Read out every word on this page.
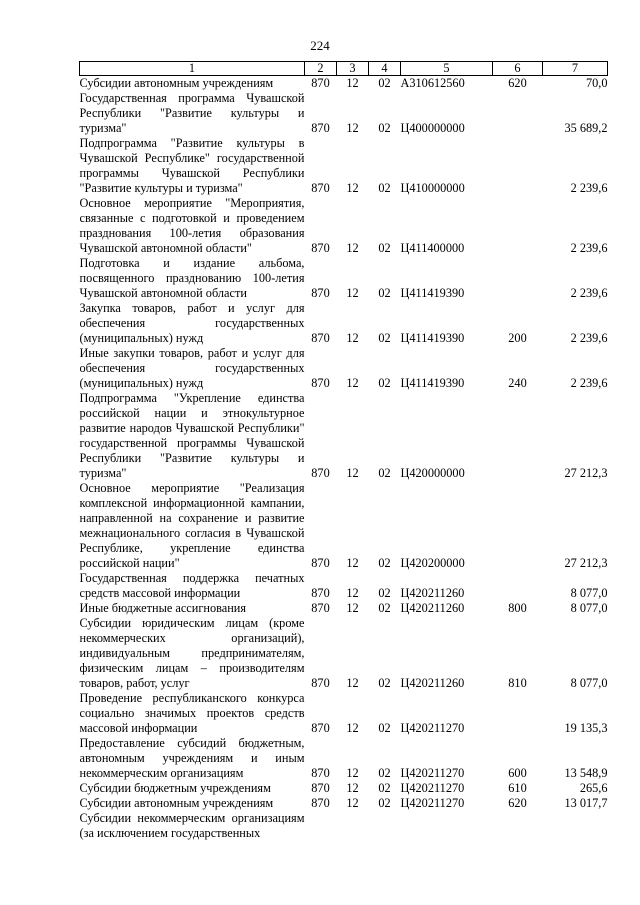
224
1	2	3	4	5	6	7
Субсидии автономным учреждениям	870	12	02	А310612560	620	70,0
Государственная программа Чувашской Республики "Развитие культуры и туризма"	870	12	02	Ц400000000		35 689,2
Подпрограмма "Развитие культуры в Чувашской Республике" государственной программы Чувашской Республики "Развитие культуры и туризма"	870	12	02	Ц410000000		2 239,6
Основное мероприятие "Мероприятия, связанные с подготовкой и проведением празднования 100-летия образования Чувашской автономной области"	870	12	02	Ц411400000		2 239,6
Подготовка и издание альбома, посвященного празднованию 100-летия Чувашской автономной области	870	12	02	Ц411419390		2 239,6
Закупка товаров, работ и услуг для обеспечения государственных (муниципальных) нужд	870	12	02	Ц411419390	200	2 239,6
Иные закупки товаров, работ и услуг для обеспечения государственных (муниципальных) нужд	870	12	02	Ц411419390	240	2 239,6
Подпрограмма "Укрепление единства российской нации и этнокультурное развитие народов Чувашской Республики" государственной программы Чувашской Республики "Развитие культуры и туризма"	870	12	02	Ц420000000		27 212,3
Основное мероприятие "Реализация комплексной информационной кампании, направленной на сохранение и развитие межнационального согласия в Чувашской Республике, укрепление единства российской нации"	870	12	02	Ц420200000		27 212,3
Государственная поддержка печатных средств массовой информации	870	12	02	Ц420211260		8 077,0
Иные бюджетные ассигнования	870	12	02	Ц420211260	800	8 077,0
Субсидии юридическим лицам (кроме некоммерческих организаций), индивидуальным предпринимателям, физическим лицам – производителям товаров, работ, услуг	870	12	02	Ц420211260	810	8 077,0
Проведение республиканского конкурса социально значимых проектов средств массовой информации	870	12	02	Ц420211270		19 135,3
Предоставление субсидий бюджетным, автономным учреждениям и иным некоммерческим организациям	870	12	02	Ц420211270	600	13 548,9
Субсидии бюджетным учреждениям	870	12	02	Ц420211270	610	265,6
Субсидии автономным учреждениям	870	12	02	Ц420211270	620	13 017,7
Субсидии некоммерческим организациям (за исключением государственных						
